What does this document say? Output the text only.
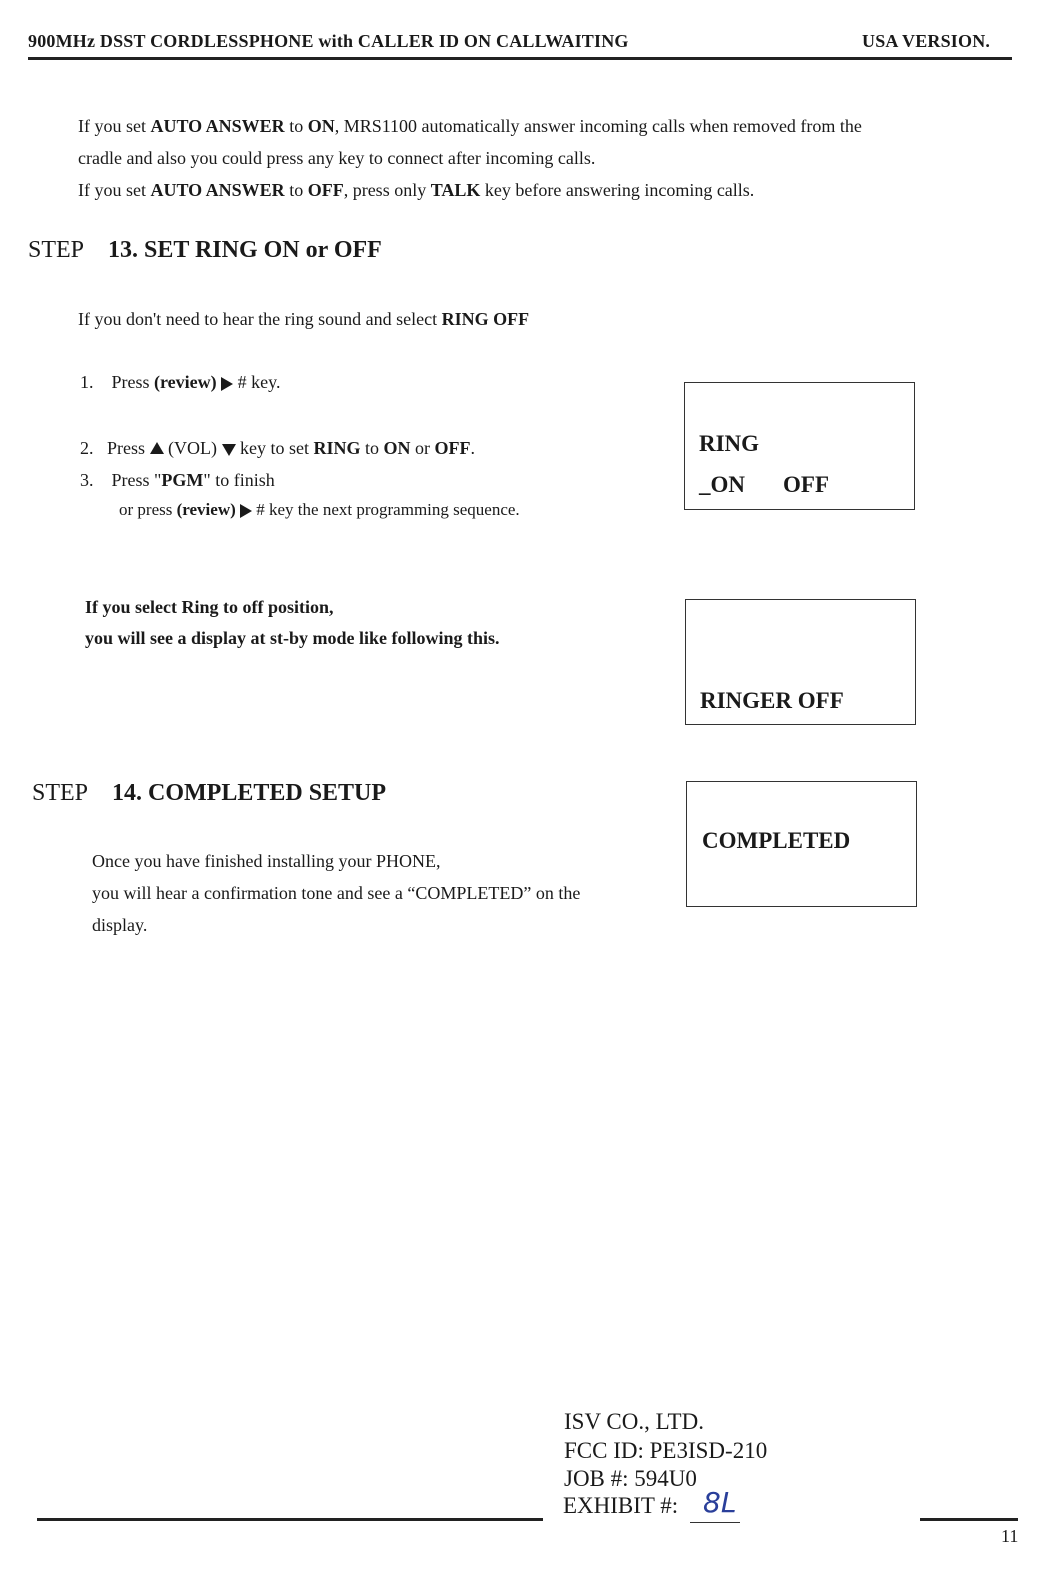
900MHz DSST CORDLESSPHONE with CALLER ID ON CALLWAITING	USA VERSION.
If you set AUTO ANSWER to ON, MRS1100 automatically answer incoming calls when removed from the
cradle and also you could press any key to connect after incoming calls.
If you set AUTO ANSWER to OFF, press only TALK key before answering incoming calls.
STEP 13. SET RING ON or OFF
If you don't need to hear the ring sound and select RING OFF
1. Press (review)  # key.
2. Press  (VOL)  key to set RING to ON or OFF.
3. Press "PGM" to finish
or press (review)  # key the next programming sequence.
RING
_ON OFF
If you select Ring to off position,
you will see a display at st-by mode like following this.
RINGER OFF
STEP 14. COMPLETED SETUP
Once you have finished installing your PHONE,
you will hear a confirmation tone and see a “COMPLETED” on the
display.
COMPLETED
ISV CO., LTD.
FCC ID: PE3ISD-210
JOB #: 594U0
EXHIBIT #: 8L
11
